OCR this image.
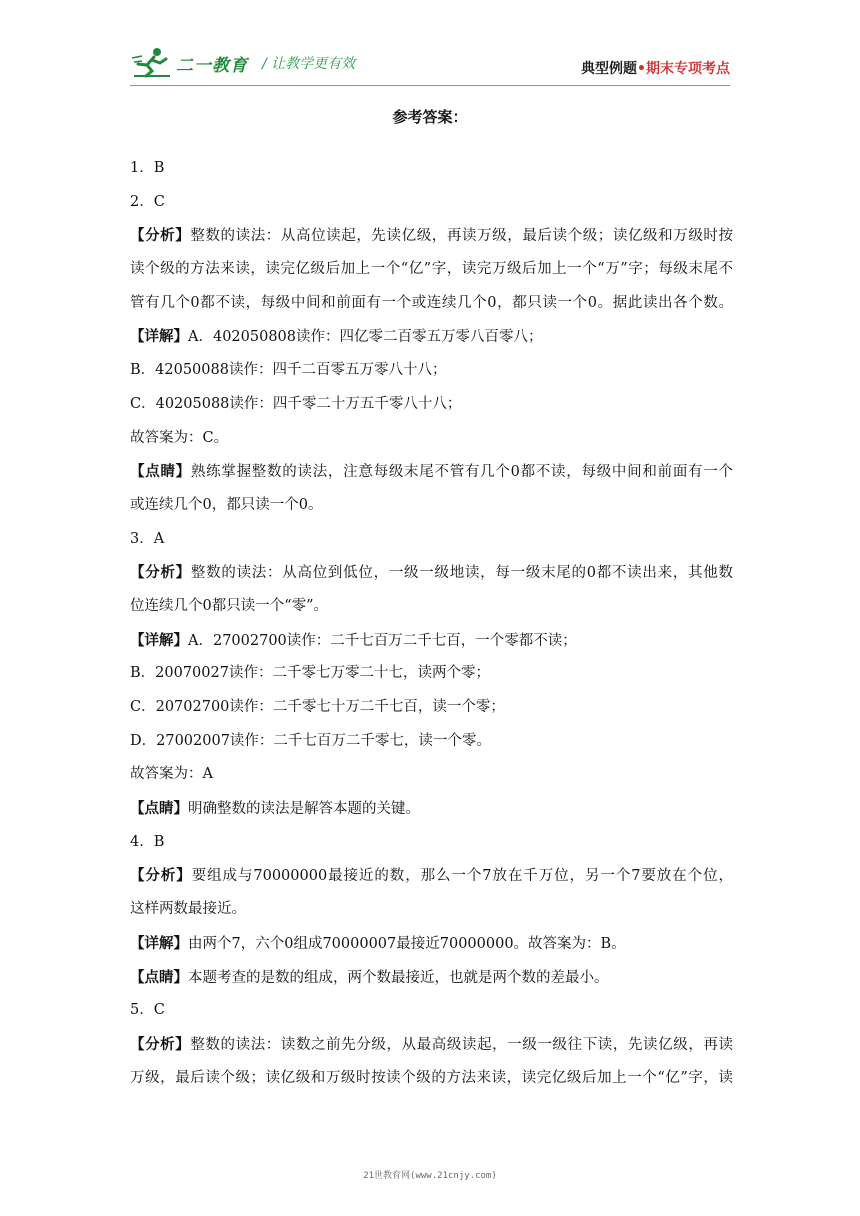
二一教育 / 让教学更有效	典型例题•期末专项考点
参考答案：
1．B
2．C
【分析】整数的读法：从高位读起，先读亿级，再读万级，最后读个级；读亿级和万级时按
读个级的方法来读，读完亿级后加上一个“亿”字，读完万级后加上一个“万”字；每级末尾不
管有几个0都不读，每级中间和前面有一个或连续几个0，都只读一个0。据此读出各个数。
【详解】A．402050808读作：四亿零二百零五万零八百零八；
B．42050088读作：四千二百零五万零八十八；
C．40205088读作：四千零二十万五千零八十八；
故答案为：C。
【点睛】熟练掌握整数的读法，注意每级末尾不管有几个0都不读，每级中间和前面有一个
或连续几个0，都只读一个0。
3．A
【分析】整数的读法：从高位到低位，一级一级地读，每一级末尾的0都不读出来，其他数
位连续几个0都只读一个“零”。
【详解】A．27002700读作：二千七百万二千七百，一个零都不读；
B．20070027读作：二千零七万零二十七，读两个零；
C．20702700读作：二千零七十万二千七百，读一个零；
D．27002007读作：二千七百万二千零七，读一个零。
故答案为：A
【点睛】明确整数的读法是解答本题的关键。
4．B
【分析】要组成与70000000最接近的数，那么一个7放在千万位，另一个7要放在个位，
这样两数最接近。
【详解】由两个7，六个0组成70000007最接近70000000。故答案为：B。
【点睛】本题考查的是数的组成，两个数最接近，也就是两个数的差最小。
5．C
【分析】整数的读法：读数之前先分级，从最高级读起，一级一级往下读，先读亿级，再读
万级，最后读个级；读亿级和万级时按读个级的方法来读，读完亿级后加上一个“亿”字，读
21世教育网(www.21cnjy.com)
